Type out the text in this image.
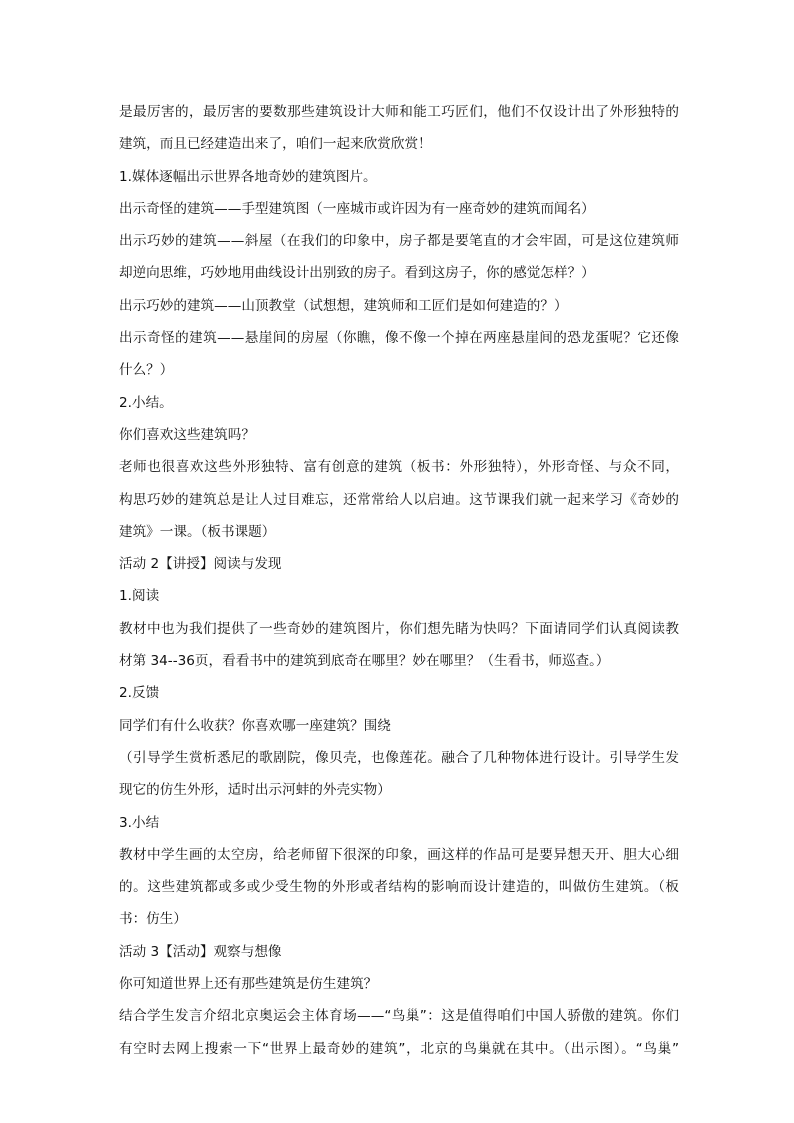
是最厉害的，最厉害的要数那些建筑设计大师和能工巧匠们，他们不仅设计出了外形独特的
建筑，而且已经建造出来了，咱们一起来欣赏欣赏！
1.媒体逐幅出示世界各地奇妙的建筑图片。
出示奇怪的建筑——手型建筑图（一座城市或许因为有一座奇妙的建筑而闻名）
出示巧妙的建筑——斜屋（在我们的印象中，房子都是要笔直的才会牢固，可是这位建筑师
却逆向思维，巧妙地用曲线设计出别致的房子。看到这房子，你的感觉怎样？）
出示巧妙的建筑——山顶教堂（试想想，建筑师和工匠们是如何建造的？）
出示奇怪的建筑——悬崖间的房屋（你瞧，像不像一个掉在两座悬崖间的恐龙蛋呢？它还像
什么？）
2.小结。
你们喜欢这些建筑吗？
老师也很喜欢这些外形独特、富有创意的建筑（板书：外形独特），外形奇怪、与众不同，
构思巧妙的建筑总是让人过目难忘，还常常给人以启迪。这节课我们就一起来学习《奇妙的
建筑》一课。（板书课题）
活动 2【讲授】阅读与发现
1.阅读
教材中也为我们提供了一些奇妙的建筑图片，你们想先睹为快吗？下面请同学们认真阅读教
材第 34--36页，看看书中的建筑到底奇在哪里？妙在哪里？（生看书，师巡查。）
2.反馈
同学们有什么收获？你喜欢哪一座建筑？围绕
（引导学生赏析悉尼的歌剧院，像贝壳，也像莲花。融合了几种物体进行设计。引导学生发
现它的仿生外形，适时出示河蚌的外壳实物）
3.小结
教材中学生画的太空房，给老师留下很深的印象，画这样的作品可是要异想天开、胆大心细
的。这些建筑都或多或少受生物的外形或者结构的影响而设计建造的，叫做仿生建筑。（板
书：仿生）
活动 3【活动】观察与想像
你可知道世界上还有那些建筑是仿生建筑？
结合学生发言介绍北京奥运会主体育场——“鸟巢”：这是值得咱们中国人骄傲的建筑。你们
有空时去网上搜索一下“世界上最奇妙的建筑”，北京的鸟巢就在其中。（出示图）。“鸟巢”
